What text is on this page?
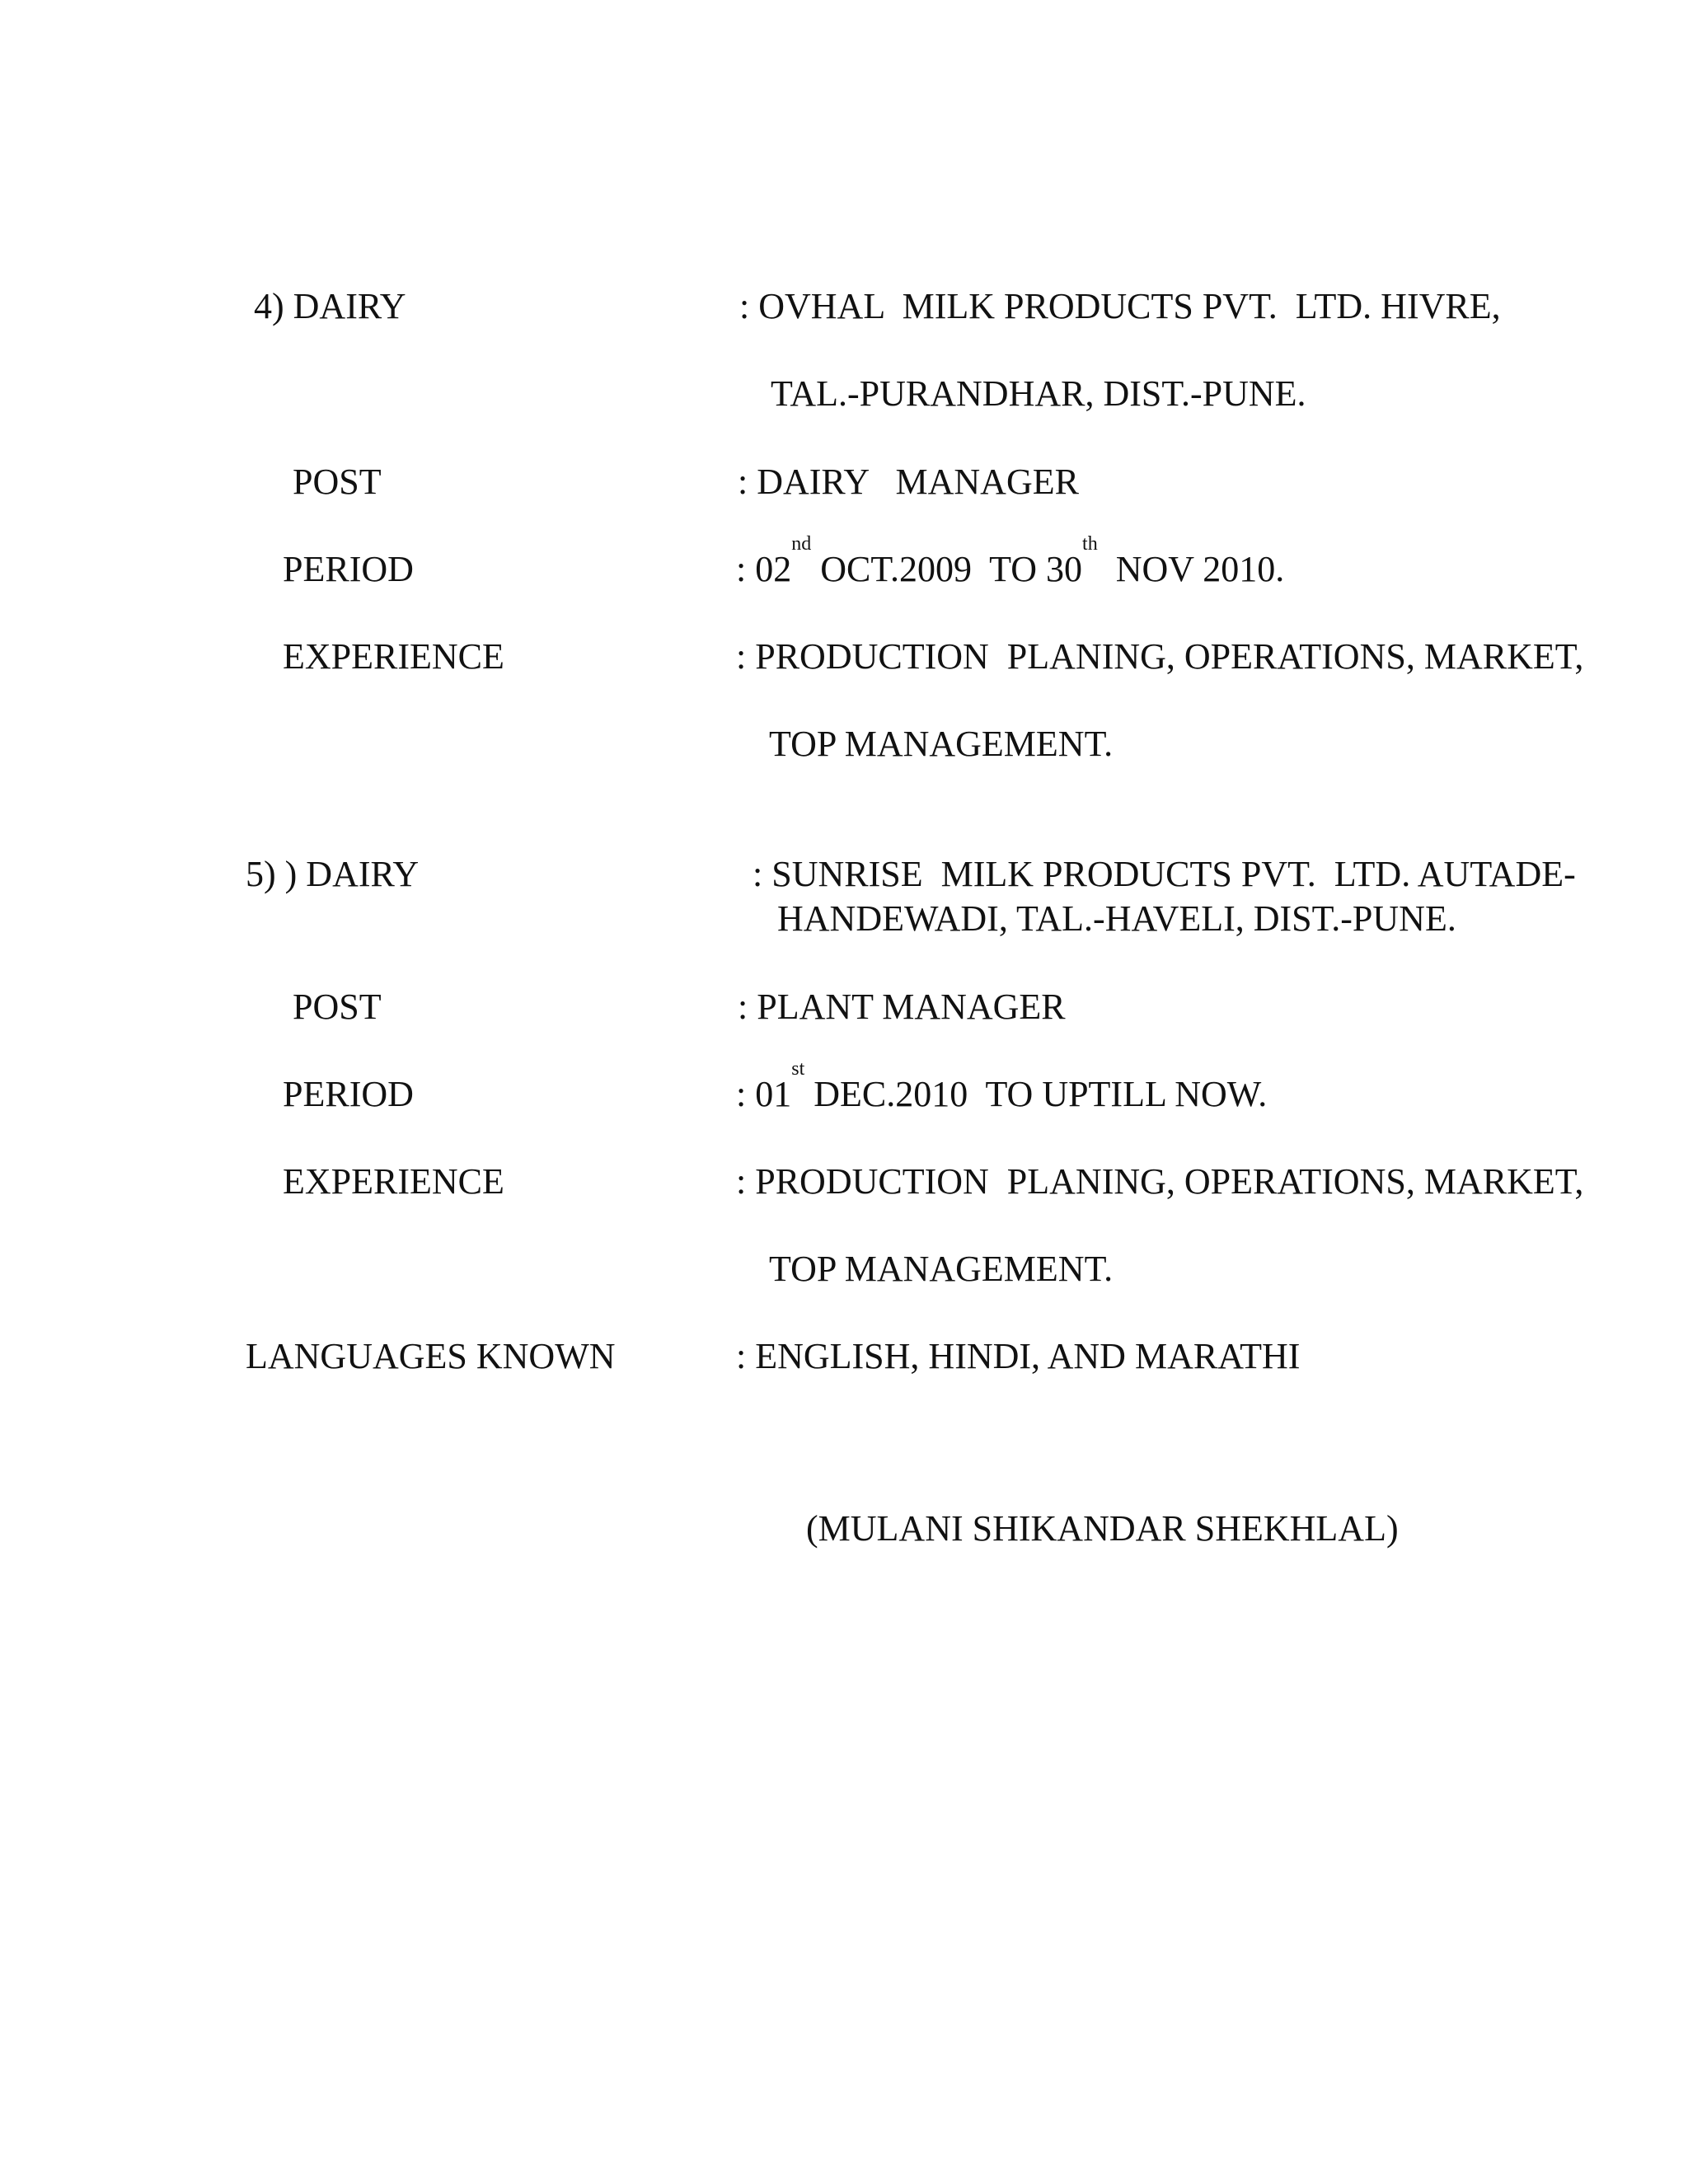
4) DAIRY	: OVHAL  MILK PRODUCTS PVT.  LTD. HIVRE,
TAL.-PURANDHAR, DIST.-PUNE.
POST	: DAIRY   MANAGER
PERIOD	: 02nd OCT.2009  TO 30th  NOV 2010.
EXPERIENCE	: PRODUCTION  PLANING, OPERATIONS, MARKET,
TOP MANAGEMENT.
5) ) DAIRY	: SUNRISE  MILK PRODUCTS PVT.  LTD. AUTADE-
HANDEWADI, TAL.-HAVELI, DIST.-PUNE.
POST	: PLANT MANAGER
PERIOD	: 01st DEC.2010  TO UPTILL NOW.
EXPERIENCE	: PRODUCTION  PLANING, OPERATIONS, MARKET,
TOP MANAGEMENT.
LANGUAGES KNOWN	: ENGLISH, HINDI, AND MARATHI
(MULANI SHIKANDAR SHEKHLAL)
